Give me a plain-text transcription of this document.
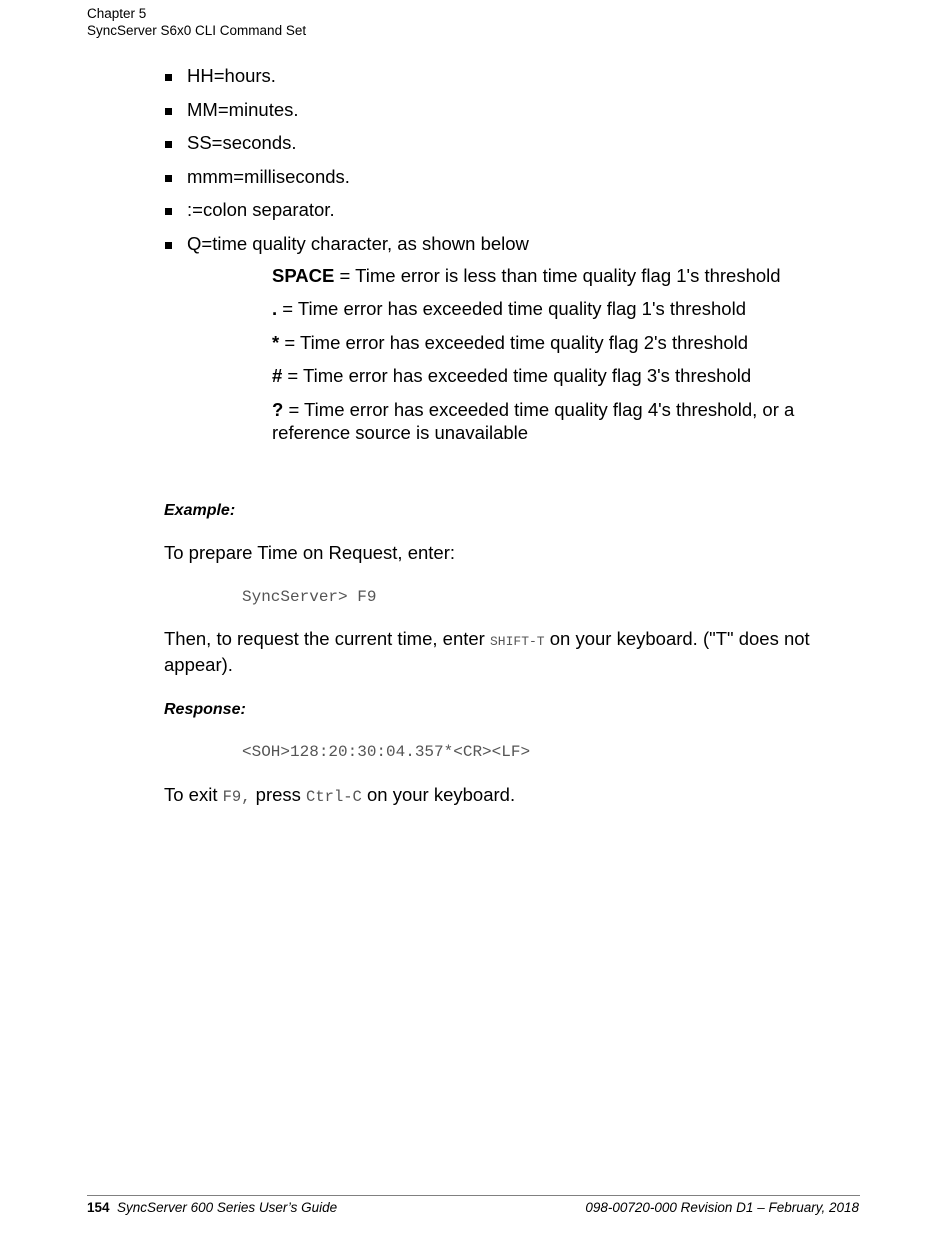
Chapter 5
SyncServer S6x0 CLI Command Set
HH=hours.
MM=minutes.
SS=seconds.
mmm=milliseconds.
:=colon separator.
Q=time quality character, as shown below

SPACE = Time error is less than time quality flag 1's threshold

. = Time error has exceeded time quality flag 1's threshold

* = Time error has exceeded time quality flag 2's threshold

# = Time error has exceeded time quality flag 3's threshold

? = Time error has exceeded time quality flag 4's threshold, or a reference source is unavailable

Example:

To prepare Time on Request, enter:

SyncServer> F9

Then, to request the current time, enter SHIFT-T on your keyboard. ("T" does not appear).

Response:

<SOH>128:20:30:04.357*<CR><LF>

To exit F9, press Ctrl-C on your keyboard.

154 SyncServer 600 Series User’s Guide	098-00720-000 Revision D1 – February, 2018
